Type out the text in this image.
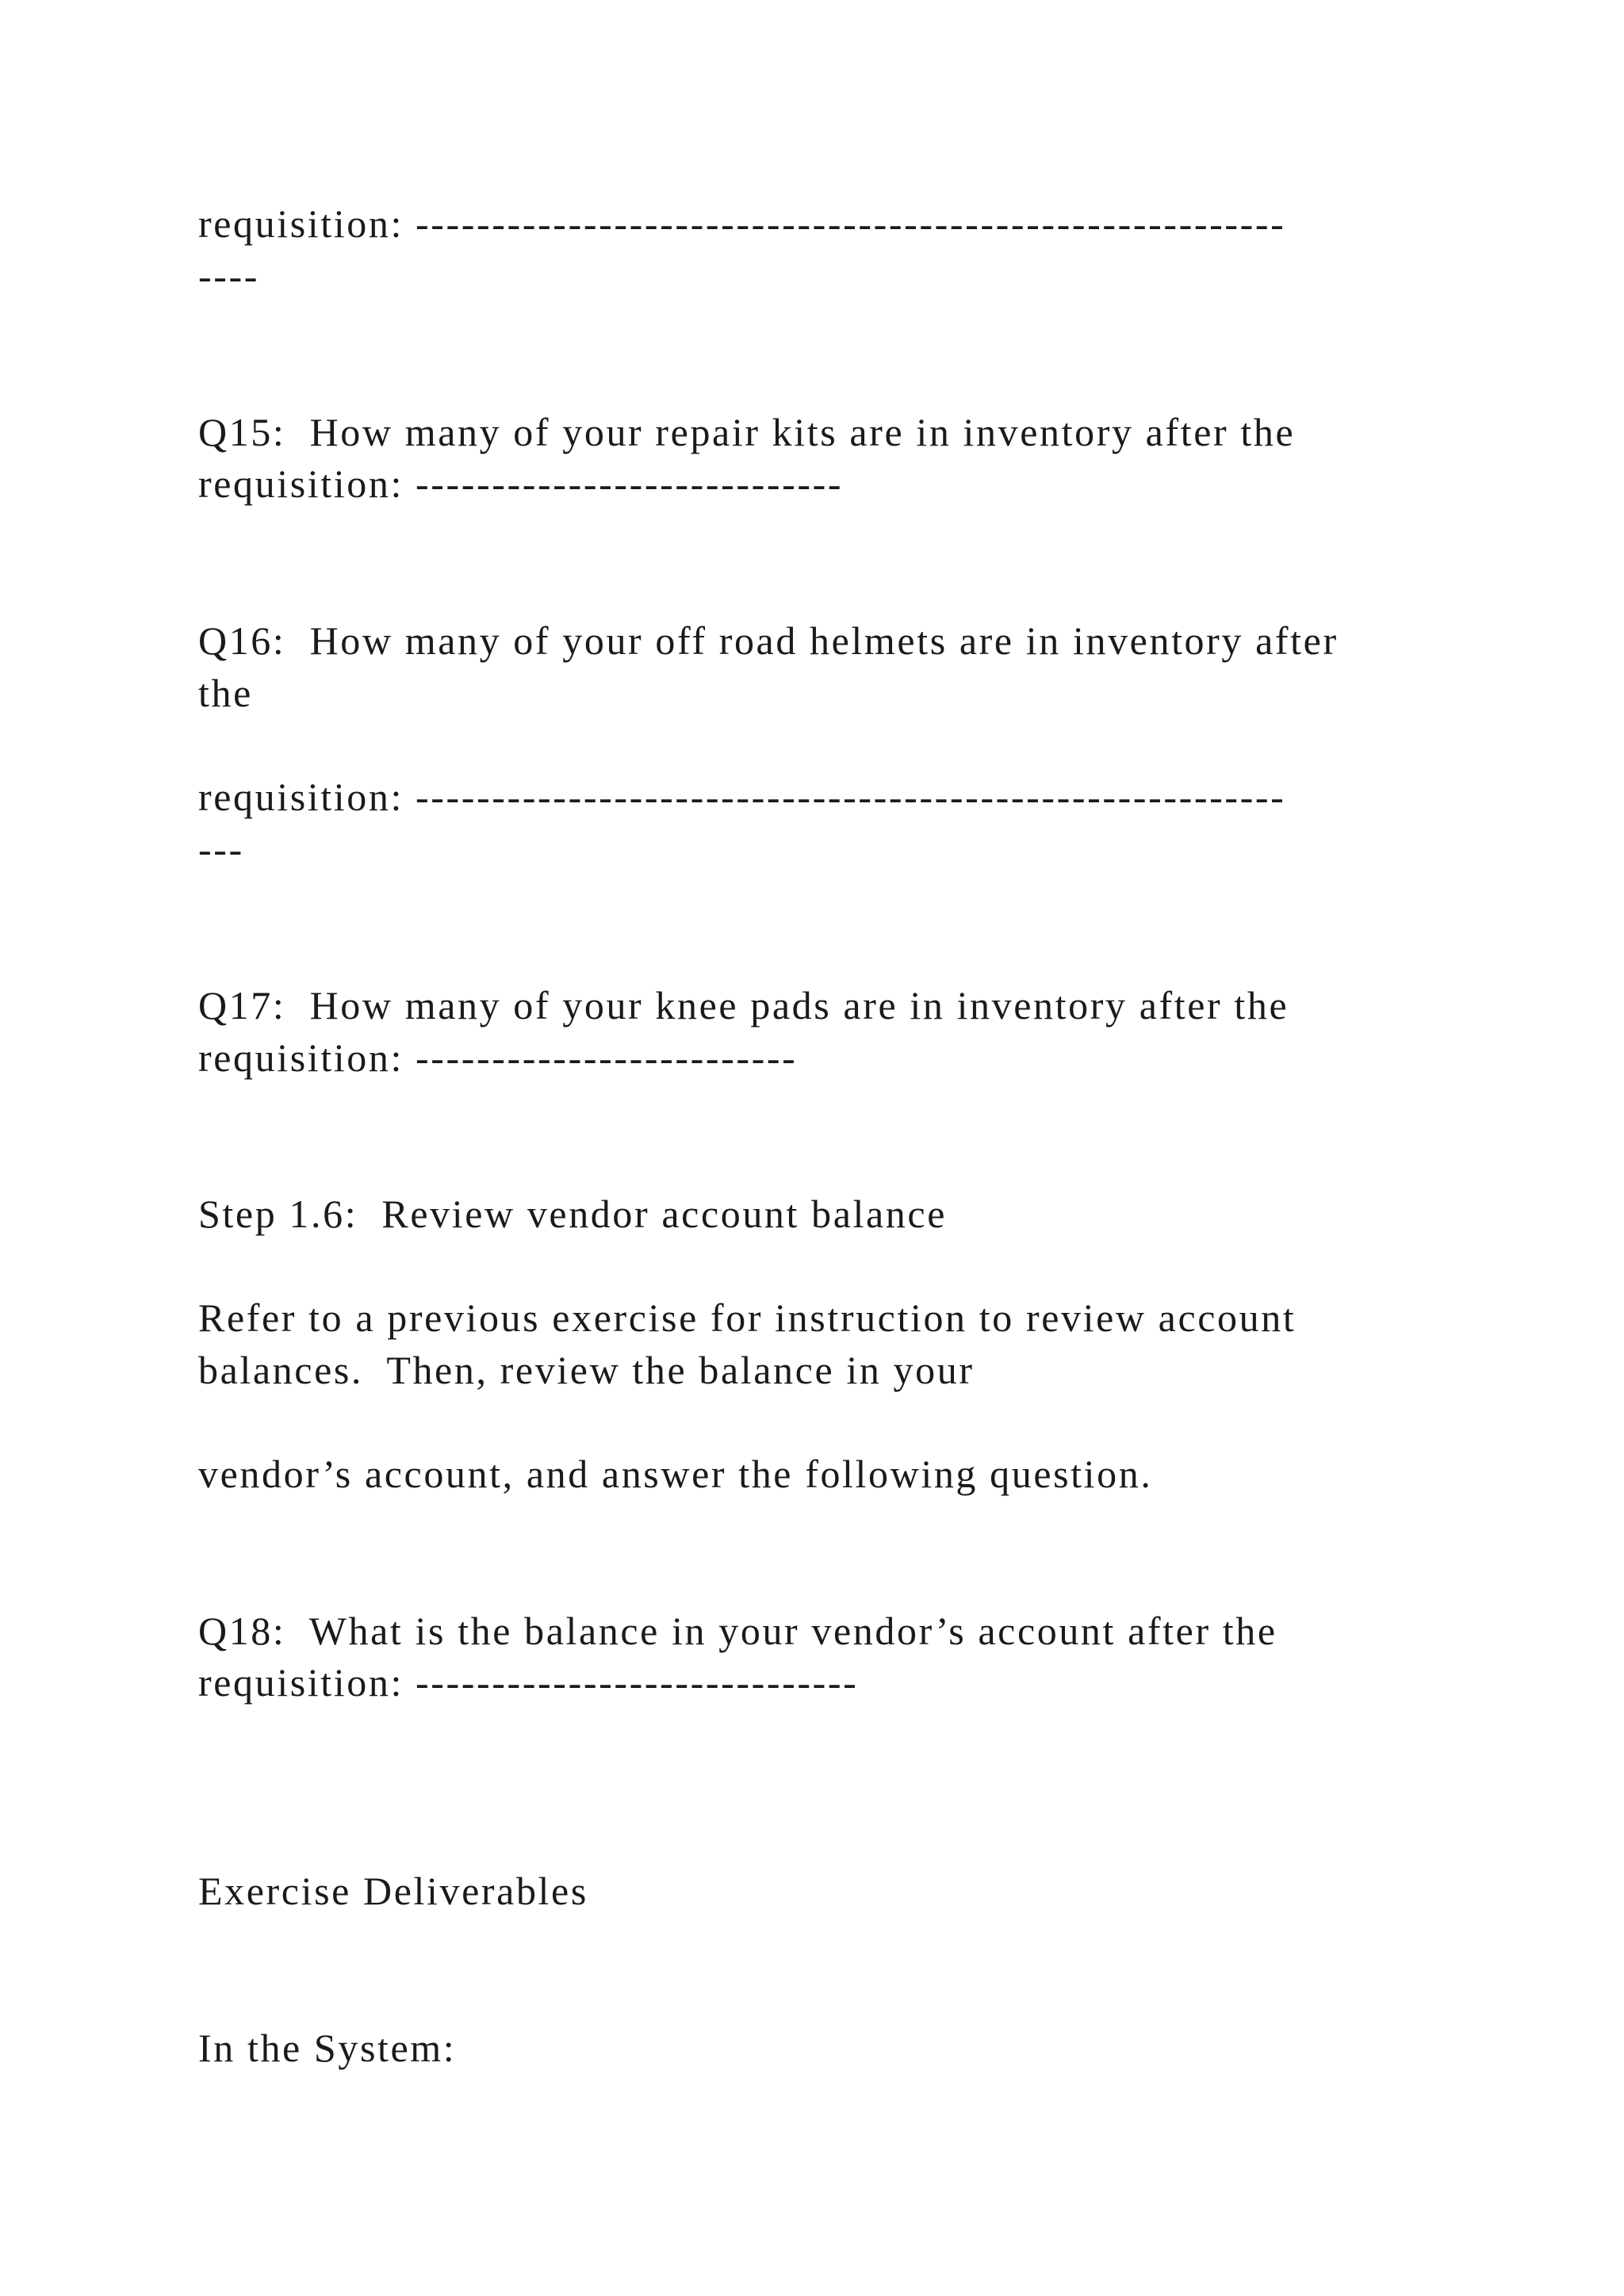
requisition: ---------------------------------------------------------

----

Q15:  How many of your repair kits are in inventory after the

requisition: ----------------------------

Q16:  How many of your off road helmets are in inventory after

the

requisition: ---------------------------------------------------------

---

Q17:  How many of your knee pads are in inventory after the

requisition: -------------------------

Step 1.6:  Review vendor account balance

Refer to a previous exercise for instruction to review account

balances.  Then, review the balance in your

vendor’s account, and answer the following question.

Q18:  What is the balance in your vendor’s account after the

requisition: -----------------------------

Exercise Deliverables

In the System:
